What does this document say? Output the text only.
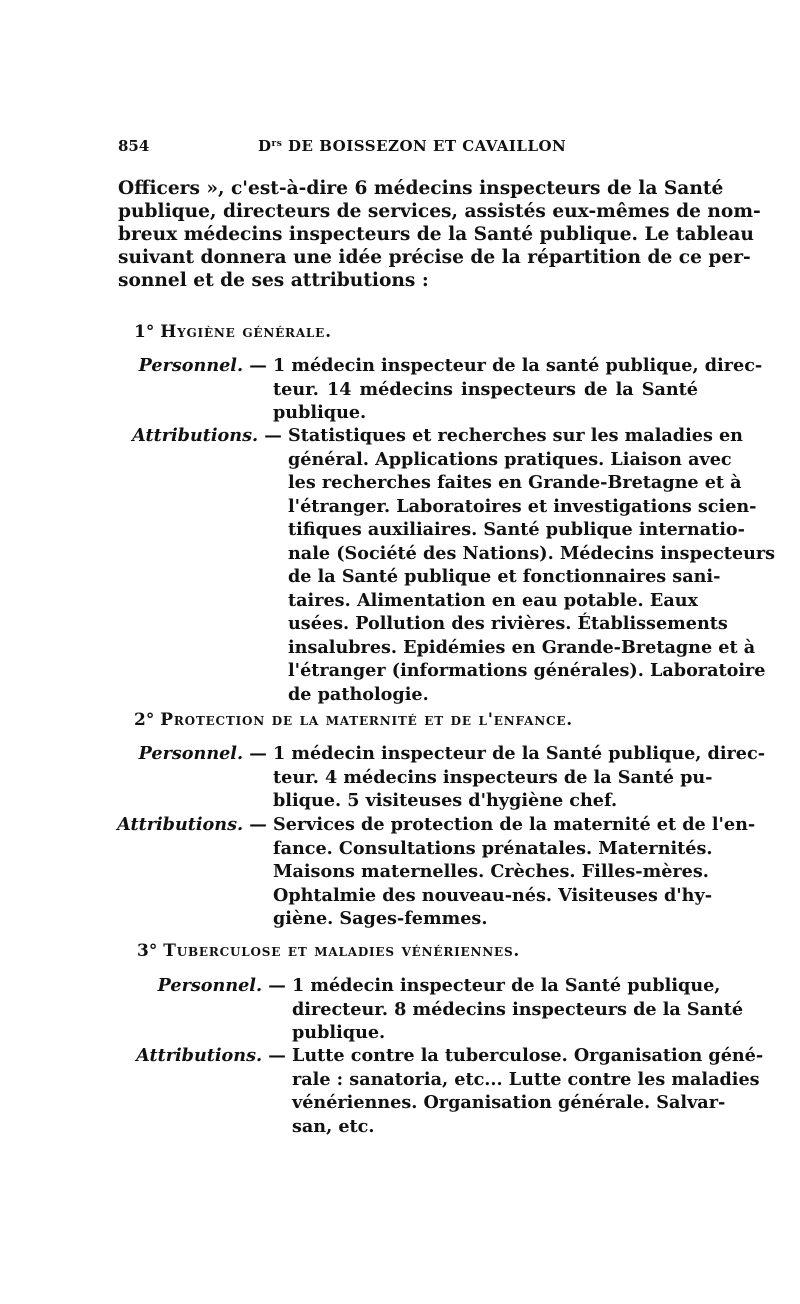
854	$D^{rs}$ DE BOISSEZON ET CAVAILLON
Officers », c'est-à-dire 6 médecins inspecteurs de la Santé
publique, directeurs de services, assistés eux-mêmes de nom-
breux médecins inspecteurs de la Santé publique. Le tableau
suivant donnera une idée précise de la répartition de ce per-
sonnel et de ses attributions :
1° Hygiène générale.
Personnel. — 1 médecin inspecteur de la santé publique, direc-
teur. 14 médecins inspecteurs de la Santé
publique.
Attributions. — Statistiques et recherches sur les maladies en
général. Applications pratiques. Liaison avec
les recherches faites en Grande-Bretagne et à
l'étranger. Laboratoires et investigations scien-
tifiques auxiliaires. Santé publique internatio-
nale (Société des Nations). Médecins inspecteurs
de la Santé publique et fonctionnaires sani-
taires. Alimentation en eau potable. Eaux
usées. Pollution des rivières. Établissements
insalubres. Epidémies en Grande-Bretagne et à
l'étranger (informations générales). Laboratoire
de pathologie.
2° Protection de la maternité et de l'enfance.
Personnel. — 1 médecin inspecteur de la Santé publique, direc-
teur. 4 médecins inspecteurs de la Santé pu-
blique. 5 visiteuses d'hygiène chef.
Attributions. — Services de protection de la maternité et de l'en-
fance. Consultations prénatales. Maternités.
Maisons maternelles. Crèches. Filles-mères.
Ophtalmie des nouveau-nés. Visiteuses d'hy-
giène. Sages-femmes.
3° Tuberculose et maladies vénériennes.
Personnel. — 1 médecin inspecteur de la Santé publique,
directeur. 8 médecins inspecteurs de la Santé
publique.
Attributions. — Lutte contre la tuberculose. Organisation géné-
rale : sanatoria, etc... Lutte contre les maladies
vénériennes. Organisation générale. Salvar-
san, etc.
